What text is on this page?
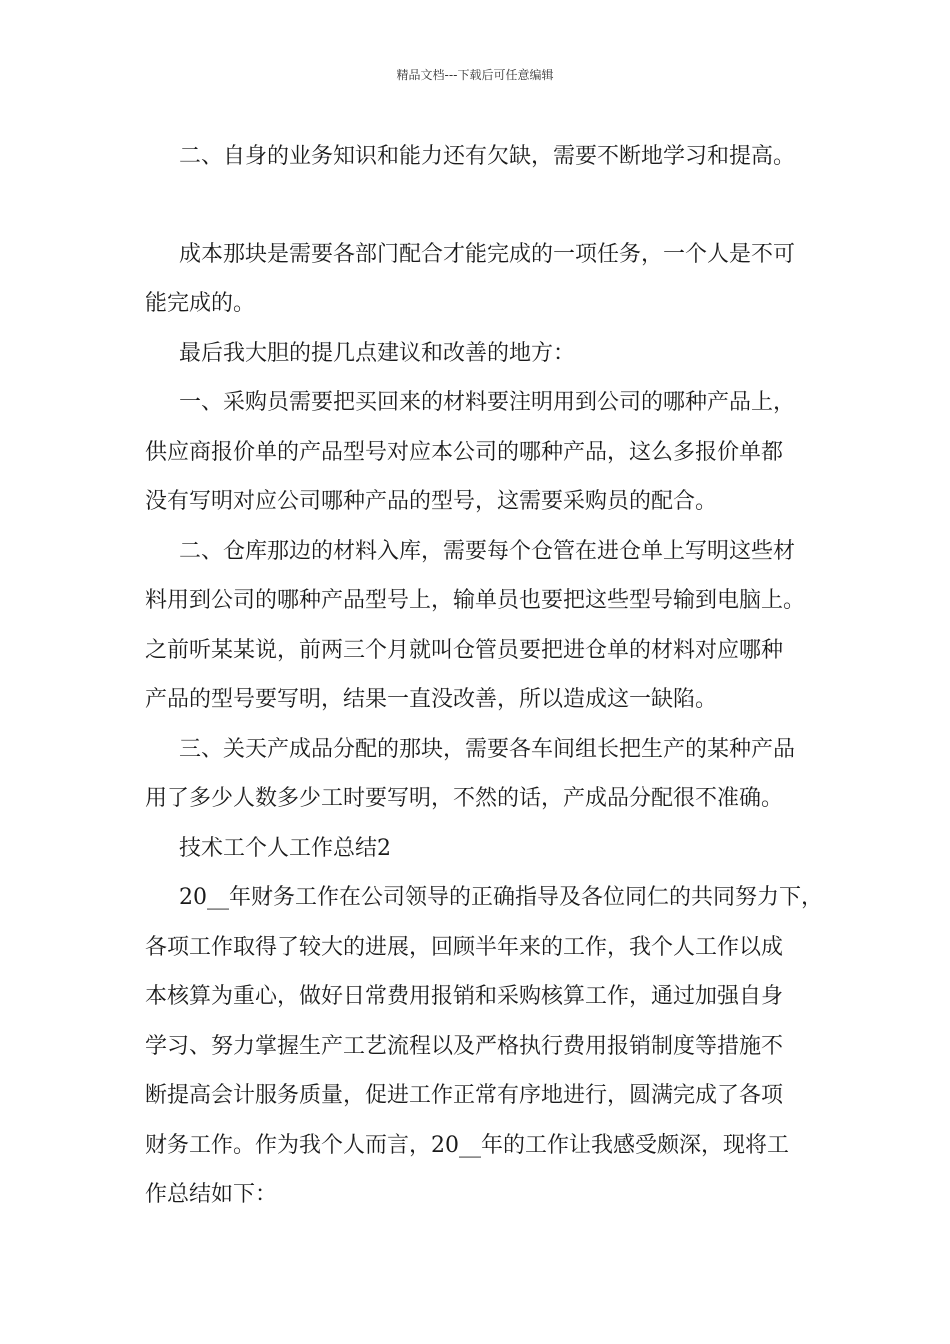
精品文档---下载后可任意编辑

二、自身的业务知识和能力还有欠缺，需要不断地学习和提高。

成本那块是需要各部门配合才能完成的一项任务，一个人是不可

能完成的。

最后我大胆的提几点建议和改善的地方：

一、采购员需要把买回来的材料要注明用到公司的哪种产品上，

供应商报价单的产品型号对应本公司的哪种产品，这么多报价单都

没有写明对应公司哪种产品的型号，这需要采购员的配合。

二、仓库那边的材料入库，需要每个仓管在进仓单上写明这些材

料用到公司的哪种产品型号上，输单员也要把这些型号输到电脑上。

之前听某某说，前两三个月就叫仓管员要把进仓单的材料对应哪种

产品的型号要写明，结果一直没改善，所以造成这一缺陷。

三、关天产成品分配的那块，需要各车间组长把生产的某种产品

用了多少人数多少工时要写明，不然的话，产成品分配很不准确。

技术工个人工作总结2

20__年财务工作在公司领导的正确指导及各位同仁的共同努力下，

各项工作取得了较大的进展，回顾半年来的工作，我个人工作以成

本核算为重心，做好日常费用报销和采购核算工作，通过加强自身

学习、努力掌握生产工艺流程以及严格执行费用报销制度等措施不

断提高会计服务质量，促进工作正常有序地进行，圆满完成了各项

财务工作。作为我个人而言，20__年的工作让我感受颇深，现将工

作总结如下：
